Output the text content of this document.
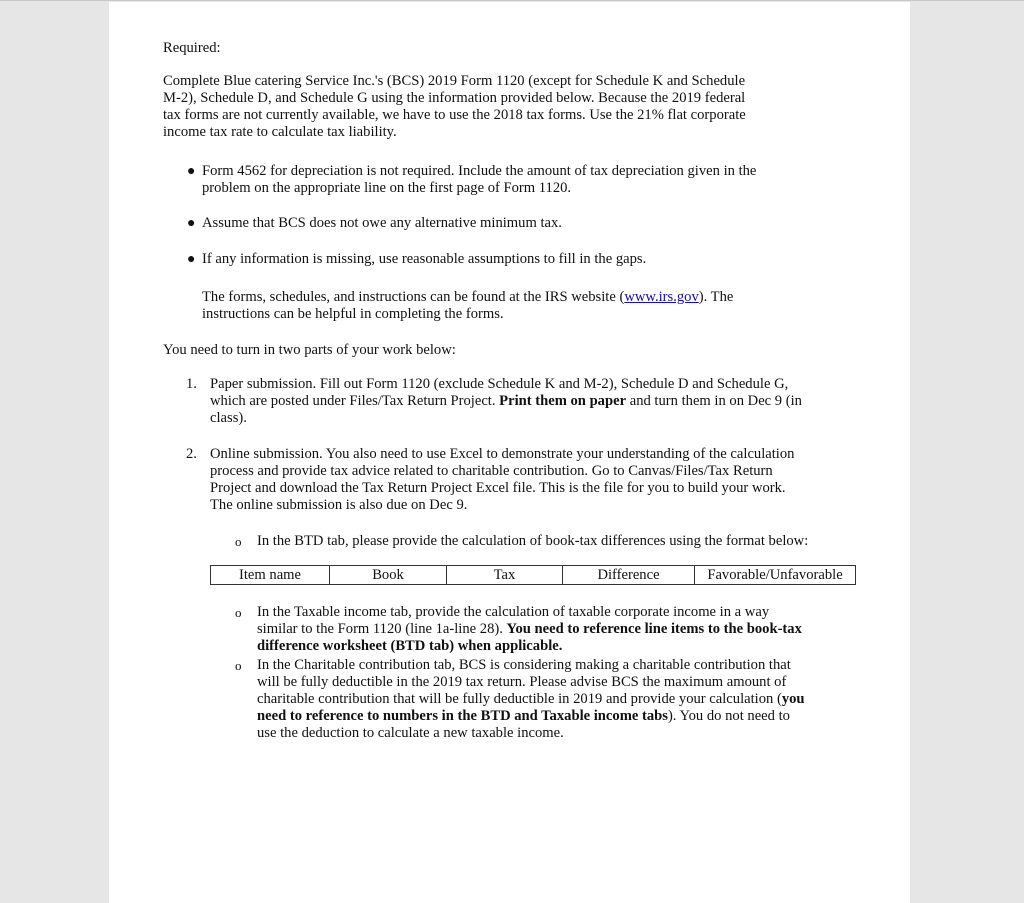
Required:

Complete Blue catering Service Inc.'s (BCS) 2019 Form 1120 (except for Schedule K and Schedule

M-2), Schedule D, and Schedule G using the information provided below. Because the 2019 federal

tax forms are not currently available, we have to use the 2018 tax forms. Use the 21% flat corporate

income tax rate to calculate tax liability.

● Form 4562 for depreciation is not required. Include the amount of tax depreciation given in the
problem on the appropriate line on the first page of Form 1120.
● Assume that BCS does not owe any alternative minimum tax.
● If any information is missing, use reasonable assumptions to fill in the gaps.
The forms, schedules, and instructions can be found at the IRS website (www.irs.gov). The
instructions can be helpful in completing the forms.

You need to turn in two parts of your work below:

1. Paper submission. Fill out Form 1120 (exclude Schedule K and M-2), Schedule D and Schedule G,
which are posted under Files/Tax Return Project. Print them on paper and turn them in on Dec 9 (in
class).
2. Online submission. You also need to use Excel to demonstrate your understanding of the calculation
process and provide tax advice related to charitable contribution. Go to Canvas/Files/Tax Return
Project and download the Tax Return Project Excel file. This is the file for you to build your work.
The online submission is also due on Dec 9.
o In the BTD tab, please provide the calculation of book-tax differences using the format below:
Item name	Book	Tax	Difference	Favorable/Unfavorable
o In the Taxable income tab, provide the calculation of taxable corporate income in a way
similar to the Form 1120 (line 1a-line 28). You need to reference line items to the book-tax
difference worksheet (BTD tab) when applicable.
o In the Charitable contribution tab, BCS is considering making a charitable contribution that
will be fully deductible in the 2019 tax return. Please advise BCS the maximum amount of
charitable contribution that will be fully deductible in 2019 and provide your calculation (you
need to reference to numbers in the BTD and Taxable income tabs). You do not need to
use the deduction to calculate a new taxable income.
